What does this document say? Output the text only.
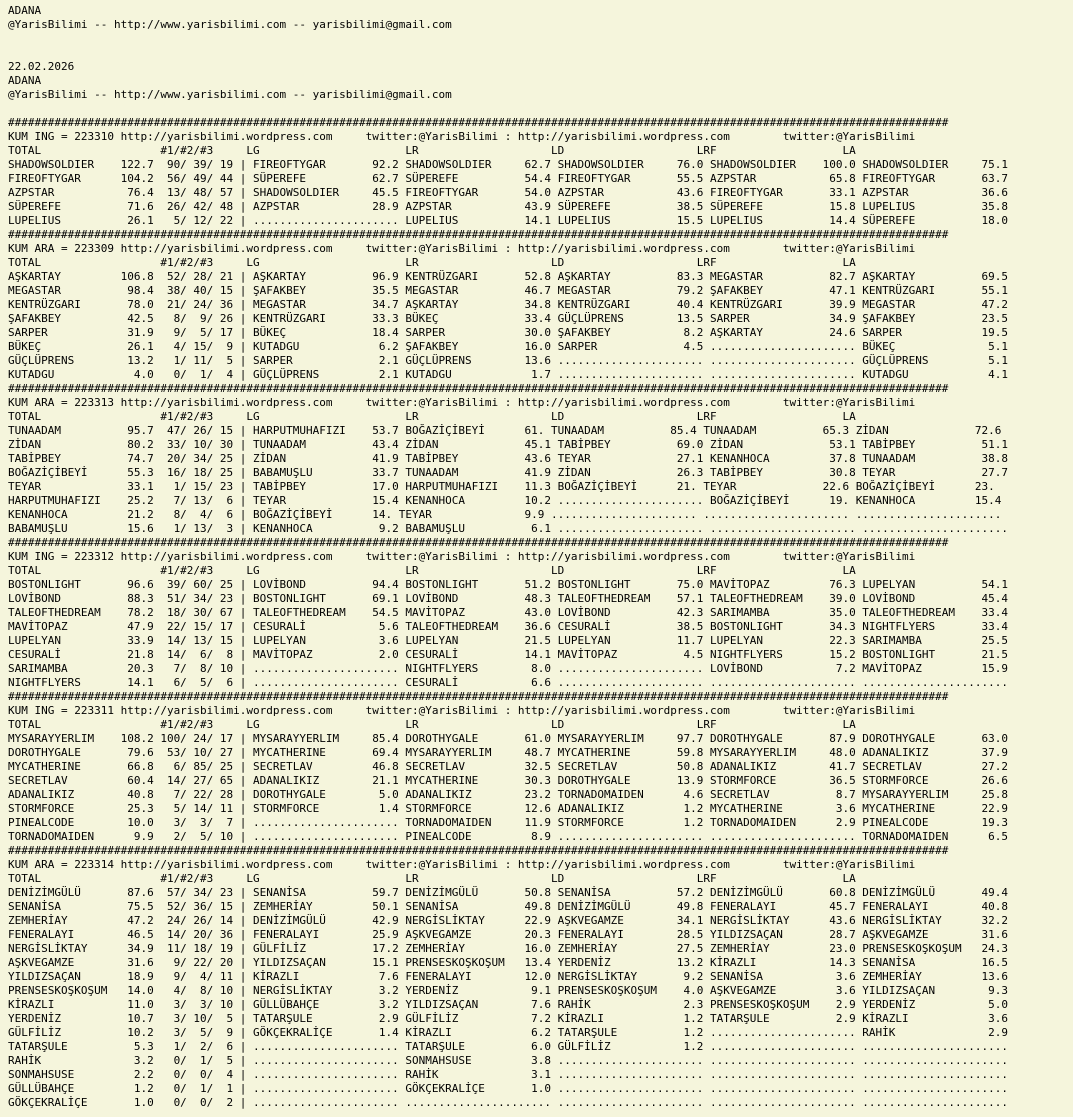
ADANA
@YarisBilimi -- http://www.yarisbilimi.com -- yarisbilimi@gmail.com
22.02.2026
ADANA
@YarisBilimi -- http://www.yarisbilimi.com -- yarisbilimi@gmail.com
##############################################################################################################################################
KUM ING = 223310 http://yarisbilimi.wordpress.com     twitter:@YarisBilimi : http://yarisbilimi.wordpress.com        twitter:@YarisBilimi
TOTAL                  #1/#2/#3     LG                      LR                    LD                    LRF                   LA
SHADOWSOLDIER    122.7  90/ 39/ 19 | FIREOFTYGAR       92.2 SHADOWSOLDIER     62.7 SHADOWSOLDIER     76.0 SHADOWSOLDIER    100.0 SHADOWSOLDIER     75.1
FIREOFTYGAR      104.2  56/ 49/ 44 | SÜPEREFE          62.7 SÜPEREFE          54.4 FIREOFTYGAR       55.5 AZPSTAR           65.8 FIREOFTYGAR       63.7
AZPSTAR           76.4  13/ 48/ 57 | SHADOWSOLDIER     45.5 FIREOFTYGAR       54.0 AZPSTAR           43.6 FIREOFTYGAR       33.1 AZPSTAR           36.6
SÜPEREFE          71.6  26/ 42/ 48 | AZPSTAR           28.9 AZPSTAR           43.9 SÜPEREFE          38.5 SÜPEREFE          15.8 LUPELIUS          35.8
LUPELIUS          26.1   5/ 12/ 22 | ...................... LUPELIUS          14.1 LUPELIUS          15.5 LUPELIUS          14.4 SÜPEREFE          18.0
##############################################################################################################################################
KUM ARA = 223309 http://yarisbilimi.wordpress.com     twitter:@YarisBilimi : http://yarisbilimi.wordpress.com        twitter:@YarisBilimi
TOTAL                  #1/#2/#3     LG                      LR                    LD                    LRF                   LA
AŞKARTAY         106.8  52/ 28/ 21 | AŞKARTAY          96.9 KENTRÜZGARI       52.8 AŞKARTAY          83.3 MEGASTAR          82.7 AŞKARTAY          69.5
MEGASTAR          98.4  38/ 40/ 15 | ŞAFAKBEY          35.5 MEGASTAR          46.7 MEGASTAR          79.2 ŞAFAKBEY          47.1 KENTRÜZGARI       55.1
KENTRÜZGARI       78.0  21/ 24/ 36 | MEGASTAR          34.7 AŞKARTAY          34.8 KENTRÜZGARI       40.4 KENTRÜZGARI       39.9 MEGASTAR          47.2
ŞAFAKBEY          42.5   8/  9/ 26 | KENTRÜZGARI       33.3 BÜKEÇ             33.4 GÜÇLÜPRENS        13.5 SARPER            34.9 ŞAFAKBEY          23.5
SARPER            31.9   9/  5/ 17 | BÜKEÇ             18.4 SARPER            30.0 ŞAFAKBEY           8.2 AŞKARTAY          24.6 SARPER            19.5
BÜKEÇ             26.1   4/ 15/  9 | KUTADGU            6.2 ŞAFAKBEY          16.0 SARPER             4.5 ...................... BÜKEÇ              5.1
GÜÇLÜPRENS        13.2   1/ 11/  5 | SARPER             2.1 GÜÇLÜPRENS        13.6 ...................... ...................... GÜÇLÜPRENS         5.1
KUTADGU            4.0   0/  1/  4 | GÜÇLÜPRENS         2.1 KUTADGU            1.7 ...................... ...................... KUTADGU            4.1
##############################################################################################################################################
KUM ARA = 223313 http://yarisbilimi.wordpress.com     twitter:@YarisBilimi : http://yarisbilimi.wordpress.com        twitter:@YarisBilimi
TOTAL                  #1/#2/#3     LG                      LR                    LD                    LRF                   LA
TUNAADAM          95.7  47/ 26/ 15 | HARPUTMUHAFIZI    53.7 BOĞAZİÇİBEYİ      61. TUNAADAM          85.4 TUNAADAM          65.3 ZİDAN             72.6
ZİDAN             80.2  33/ 10/ 30 | TUNAADAM          43.4 ZİDAN             45.1 TABİPBEY          69.0 ZİDAN             53.1 TABİPBEY          51.1
TABİPBEY          74.7  20/ 34/ 25 | ZİDAN             41.9 TABİPBEY          43.6 TEYAR             27.1 KENANHOCA         37.8 TUNAADAM          38.8
BOĞAZİÇİBEYİ      55.3  16/ 18/ 25 | BABAMUŞLU         33.7 TUNAADAM          41.9 ZİDAN             26.3 TABİPBEY          30.8 TEYAR             27.7
TEYAR             33.1   1/ 15/ 23 | TABİPBEY          17.0 HARPUTMUHAFIZI    11.3 BOĞAZİÇİBEYİ      21. TEYAR             22.6 BOĞAZİÇİBEYİ      23.
HARPUTMUHAFIZI    25.2   7/ 13/  6 | TEYAR             15.4 KENANHOCA         10.2 ...................... BOĞAZİÇİBEYİ      19. KENANHOCA         15.4
KENANHOCA         21.2   8/  4/  6 | BOĞAZİÇİBEYİ      14. TEYAR              9.9 ...................... ...................... ......................
BABAMUŞLU         15.6   1/ 13/  3 | KENANHOCA          9.2 BABAMUŞLU          6.1 ...................... ...................... ......................
##############################################################################################################################################
KUM ING = 223312 http://yarisbilimi.wordpress.com     twitter:@YarisBilimi : http://yarisbilimi.wordpress.com        twitter:@YarisBilimi
TOTAL                  #1/#2/#3     LG                      LR                    LD                    LRF                   LA
BOSTONLIGHT       96.6  39/ 60/ 25 | LOVİBOND          94.4 BOSTONLIGHT       51.2 BOSTONLIGHT       75.0 MAVİTOPAZ         76.3 LUPELYAN          54.1
LOVİBOND          88.3  51/ 34/ 23 | BOSTONLIGHT       69.1 LOVİBOND          48.3 TALEOFTHEDREAM    57.1 TALEOFTHEDREAM    39.0 LOVİBOND          45.4
TALEOFTHEDREAM    78.2  18/ 30/ 67 | TALEOFTHEDREAM    54.5 MAVİTOPAZ         43.0 LOVİBOND          42.3 SARIMAMBA         35.0 TALEOFTHEDREAM    33.4
MAVİTOPAZ         47.9  22/ 15/ 17 | CESURALİ           5.6 TALEOFTHEDREAM    36.6 CESURALİ          38.5 BOSTONLIGHT       34.3 NIGHTFLYERS       33.4
LUPELYAN          33.9  14/ 13/ 15 | LUPELYAN           3.6 LUPELYAN          21.5 LUPELYAN          11.7 LUPELYAN          22.3 SARIMAMBA         25.5
CESURALİ          21.8  14/  6/  8 | MAVİTOPAZ          2.0 CESURALİ          14.1 MAVİTOPAZ          4.5 NIGHTFLYERS       15.2 BOSTONLIGHT       21.5
SARIMAMBA         20.3   7/  8/ 10 | ...................... NIGHTFLYERS        8.0 ...................... LOVİBOND           7.2 MAVİTOPAZ         15.9
NIGHTFLYERS       14.1   6/  5/  6 | ...................... CESURALİ           6.6 ...................... ...................... ......................
##############################################################################################################################################
KUM ING = 223311 http://yarisbilimi.wordpress.com     twitter:@YarisBilimi : http://yarisbilimi.wordpress.com        twitter:@YarisBilimi
TOTAL                  #1/#2/#3     LG                      LR                    LD                    LRF                   LA
MYSARAYYERLIM    108.2 100/ 24/ 17 | MYSARAYYERLIM     85.4 DOROTHYGALE       61.0 MYSARAYYERLIM     97.7 DOROTHYGALE       87.9 DOROTHYGALE       63.0
DOROTHYGALE       79.6  53/ 10/ 27 | MYCATHERINE       69.4 MYSARAYYERLIM     48.7 MYCATHERINE       59.8 MYSARAYYERLIM     48.0 ADANALIKIZ        37.9
MYCATHERINE       66.8   6/ 85/ 25 | SECRETLAV         46.8 SECRETLAV         32.5 SECRETLAV         50.8 ADANALIKIZ        41.7 SECRETLAV         27.2
SECRETLAV         60.4  14/ 27/ 65 | ADANALIKIZ        21.1 MYCATHERINE       30.3 DOROTHYGALE       13.9 STORMFORCE        36.5 STORMFORCE        26.6
ADANALIKIZ        40.8   7/ 22/ 28 | DOROTHYGALE        5.0 ADANALIKIZ        23.2 TORNADOMAIDEN      4.6 SECRETLAV          8.7 MYSARAYYERLIM     25.8
STORMFORCE        25.3   5/ 14/ 11 | STORMFORCE         1.4 STORMFORCE        12.6 ADANALIKIZ         1.2 MYCATHERINE        3.6 MYCATHERINE       22.9
PINEALCODE        10.0   3/  3/  7 | ...................... TORNADOMAIDEN     11.9 STORMFORCE         1.2 TORNADOMAIDEN      2.9 PINEALCODE        19.3
TORNADOMAIDEN      9.9   2/  5/ 10 | ...................... PINEALCODE         8.9 ...................... ...................... TORNADOMAIDEN      6.5
##############################################################################################################################################
KUM ARA = 223314 http://yarisbilimi.wordpress.com     twitter:@YarisBilimi : http://yarisbilimi.wordpress.com        twitter:@YarisBilimi
TOTAL                  #1/#2/#3     LG                      LR                    LD                    LRF                   LA
DENİZİMGÜLÜ       87.6  57/ 34/ 23 | SENANİSA          59.7 DENİZİMGÜLÜ       50.8 SENANİSA          57.2 DENİZİMGÜLÜ       60.8 DENİZİMGÜLÜ       49.4
SENANİSA          75.5  52/ 36/ 15 | ZEMHERİAY         50.1 SENANİSA          49.8 DENİZİMGÜLÜ       49.8 FENERALAYI        45.7 FENERALAYI        40.8
ZEMHERİAY         47.2  24/ 26/ 14 | DENİZİMGÜLÜ       42.9 NERGİSLİKTAY      22.9 AŞKVEGAMZE        34.1 NERGİSLİKTAY      43.6 NERGİSLİKTAY      32.2
FENERALAYI        46.5  14/ 20/ 36 | FENERALAYI        25.9 AŞKVEGAMZE        20.3 FENERALAYI        28.5 YILDIZSAÇAN       28.7 AŞKVEGAMZE        31.6
NERGİSLİKTAY      34.9  11/ 18/ 19 | GÜLFİLİZ          17.2 ZEMHERİAY         16.0 ZEMHERİAY         27.5 ZEMHERİAY         23.0 PRENSESKOŞKOŞUM   24.3
AŞKVEGAMZE        31.6   9/ 22/ 20 | YILDIZSAÇAN       15.1 PRENSESKOŞKOŞUM   13.4 YERDENİZ          13.2 KİRAZLI           14.3 SENANİSA          16.5
YILDIZSAÇAN       18.9   9/  4/ 11 | KİRAZLI            7.6 FENERALAYI        12.0 NERGİSLİKTAY       9.2 SENANİSA           3.6 ZEMHERİAY         13.6
PRENSESKOŞKOŞUM   14.0   4/  8/ 10 | NERGİSLİKTAY       3.2 YERDENİZ           9.1 PRENSESKOŞKOŞUM    4.0 AŞKVEGAMZE         3.6 YILDIZSAÇAN        9.3
KİRAZLI           11.0   3/  3/ 10 | GÜLLÜBAHÇE         3.2 YILDIZSAÇAN        7.6 RAHİK              2.3 PRENSESKOŞKOŞUM    2.9 YERDENİZ           5.0
YERDENİZ          10.7   3/ 10/  5 | TATARŞULE          2.9 GÜLFİLİZ           7.2 KİRAZLI            1.2 TATARŞULE          2.9 KİRAZLI            3.6
GÜLFİLİZ          10.2   3/  5/  9 | GÖKÇEKRALİÇE       1.4 KİRAZLI            6.2 TATARŞULE          1.2 ...................... RAHİK              2.9
TATARŞULE          5.3   1/  2/  6 | ...................... TATARŞULE          6.0 GÜLFİLİZ           1.2 ...................... ......................
RAHİK              3.2   0/  1/  5 | ...................... SONMAHSUSE         3.8 ...................... ...................... ......................
SONMAHSUSE         2.2   0/  0/  4 | ...................... RAHİK              3.1 ...................... ...................... ......................
GÜLLÜBAHÇE         1.2   0/  1/  1 | ...................... GÖKÇEKRALİÇE       1.0 ...................... ...................... ......................
GÖKÇEKRALİÇE       1.0   0/  0/  2 | ...................... ...................... ...................... ...................... ......................
